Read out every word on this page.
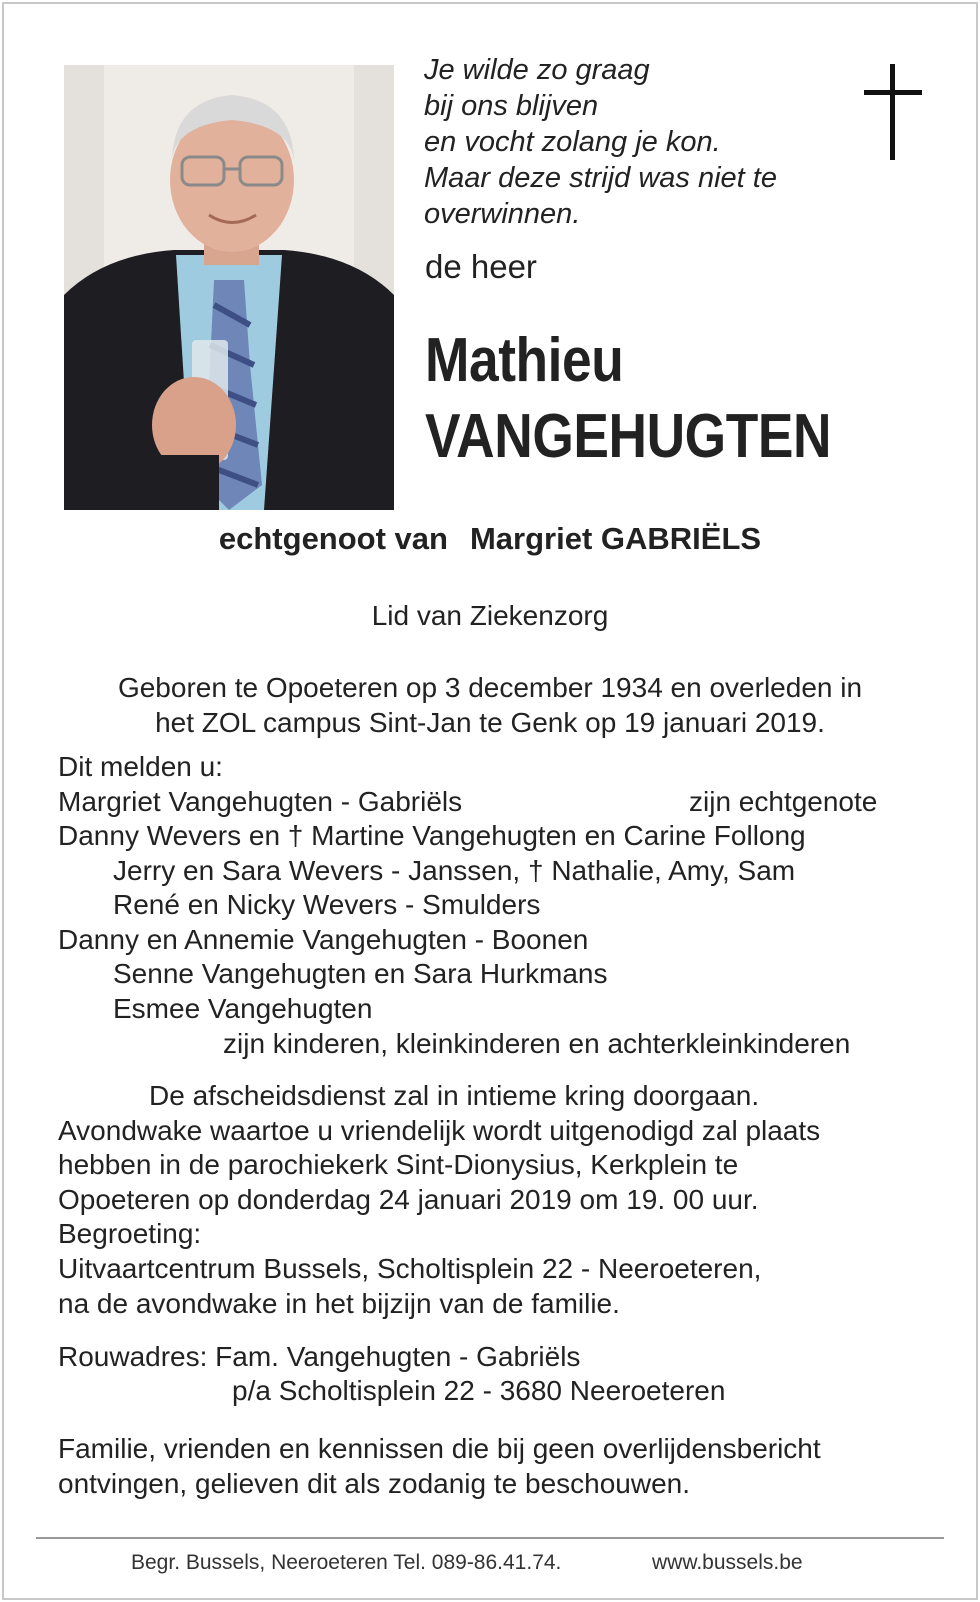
Je wilde zo graag
bij ons blijven
en vocht zolang je kon.
Maar deze strijd was niet te
overwinnen.
de heer
Mathieu
VANGEHUGTEN
echtgenoot van Margriet GABRIËLS
Lid van Ziekenzorg
Geboren te Opoeteren op 3 december 1934 en overleden in
het ZOL campus Sint-Jan te Genk op 19 januari 2019.
Dit melden u:
Margriet Vangehugten - Gabriëls	zijn echtgenote
Danny Wevers en † Martine Vangehugten en Carine Follong
Jerry en Sara Wevers - Janssen, † Nathalie, Amy, Sam
René en Nicky Wevers - Smulders
Danny en Annemie Vangehugten - Boonen
Senne Vangehugten en Sara Hurkmans
Esmee Vangehugten
zijn kinderen, kleinkinderen en achterkleinkinderen
De afscheidsdienst zal in intieme kring doorgaan.
Avondwake waartoe u vriendelijk wordt uitgenodigd zal plaats
hebben in de parochiekerk Sint-Dionysius, Kerkplein te
Opoeteren op donderdag 24 januari 2019 om 19. 00 uur.
Begroeting:
Uitvaartcentrum Bussels, Scholtisplein 22 - Neeroeteren,
na de avondwake in het bijzijn van de familie.
Rouwadres: Fam. Vangehugten - Gabriëls
p/a Scholtisplein 22 - 3680 Neeroeteren
Familie, vrienden en kennissen die bij geen overlijdensbericht
ontvingen, gelieven dit als zodanig te beschouwen.
Begr. Bussels, Neeroeteren Tel. 089-86.41.74.	www.bussels.be
